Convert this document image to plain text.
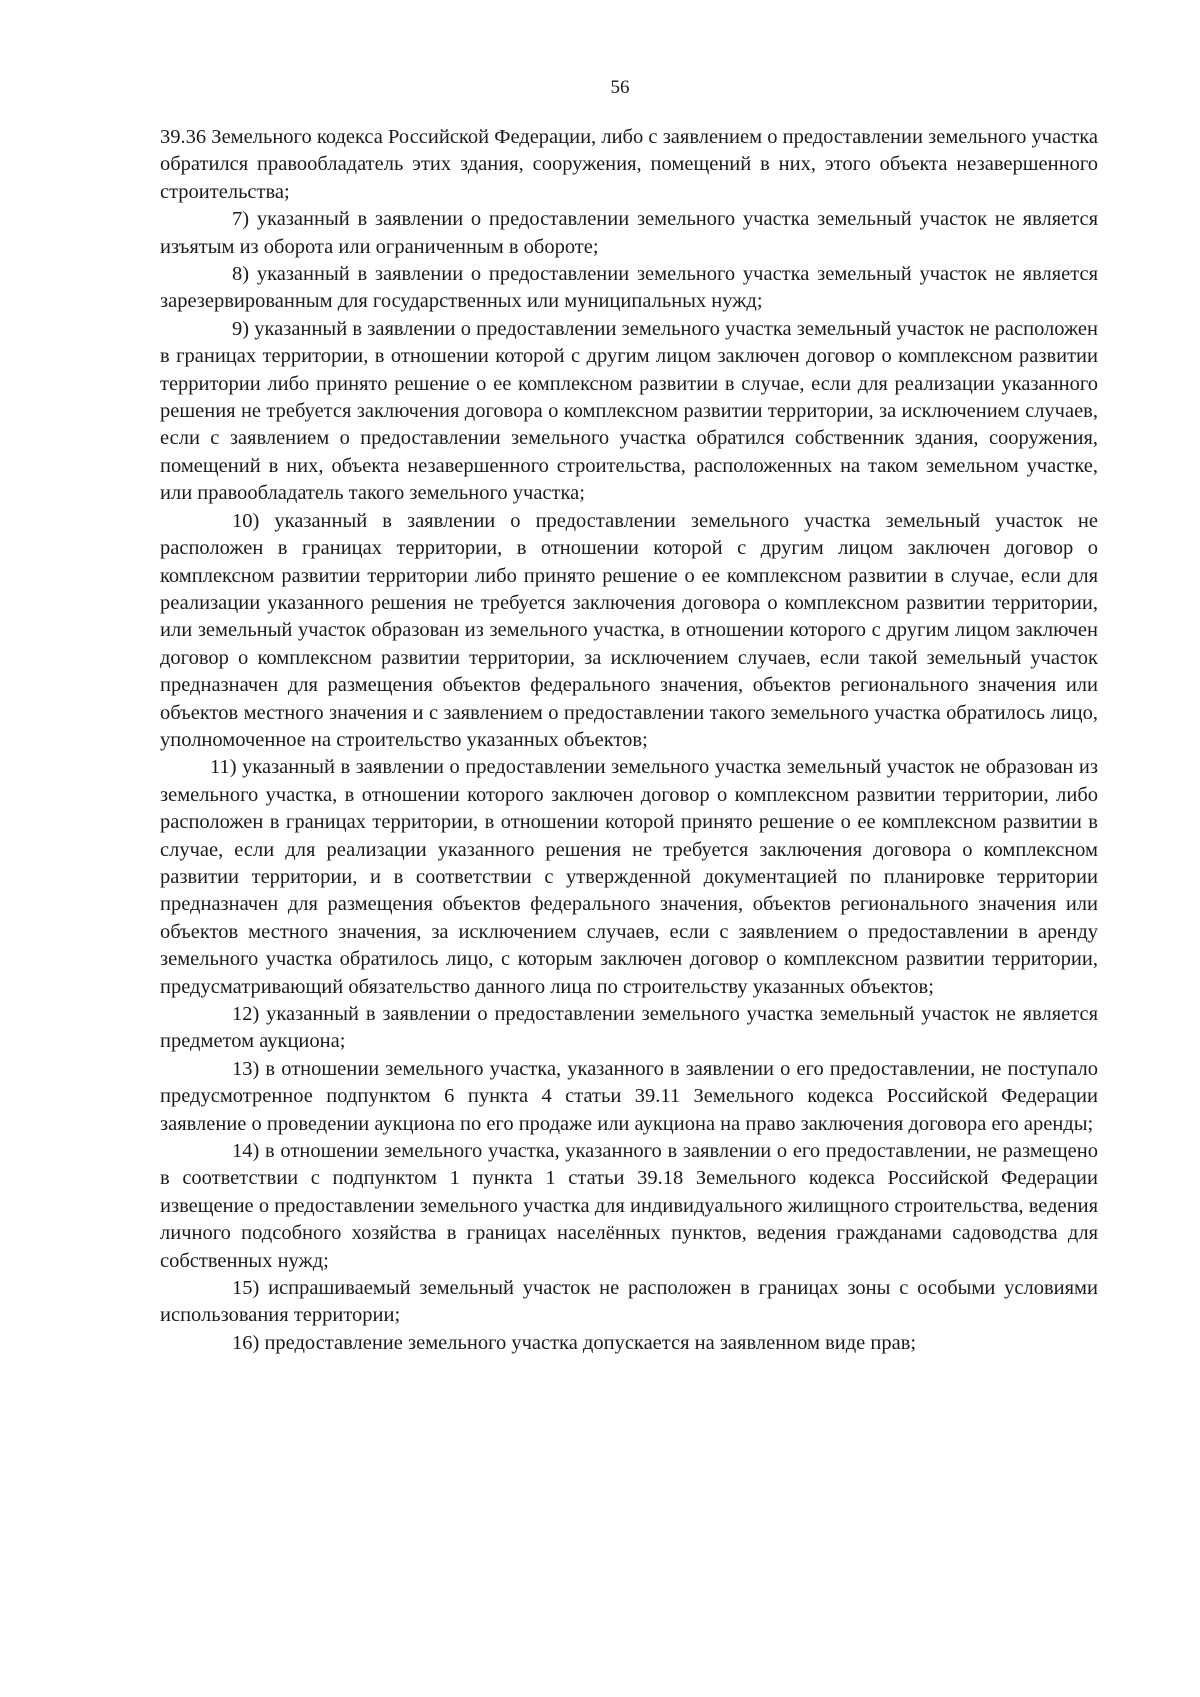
56

39.36 Земельного кодекса Российской Федерации, либо с заявлением о предоставлении земельного участка обратился правообладатель этих здания, сооружения, помещений в них, этого объекта незавершенного строительства;

7) указанный в заявлении о предоставлении земельного участка земельный участок не является изъятым из оборота или ограниченным в обороте;

8) указанный в заявлении о предоставлении земельного участка земельный участок не является зарезервированным для государственных или муниципальных нужд;

9) указанный в заявлении о предоставлении земельного участка земельный участок не расположен в границах территории, в отношении которой с другим лицом заключен договор о комплексном развитии территории либо принято решение о ее комплексном развитии в случае, если для реализации указанного решения не требуется заключения договора о комплексном развитии территории, за исключением случаев, если с заявлением о предоставлении земельного участка обратился собственник здания, сооружения, помещений в них, объекта незавершенного строительства, расположенных на таком земельном участке, или правообладатель такого земельного участка;

10) указанный в заявлении о предоставлении земельного участка земельный участок не расположен в границах территории, в отношении которой с другим лицом заключен договор о комплексном развитии территории либо принято решение о ее комплексном развитии в случае, если для реализации указанного решения не требуется заключения договора о комплексном развитии территории, или земельный участок образован из земельного участка, в отношении которого с другим лицом заключен договор о комплексном развитии территории, за исключением случаев, если такой земельный участок предназначен для размещения объектов федерального значения, объектов регионального значения или объектов местного значения и с заявлением о предоставлении такого земельного участка обратилось лицо, уполномоченное на строительство указанных объектов;

11) указанный в заявлении о предоставлении земельного участка земельный участок не образован из земельного участка, в отношении которого заключен договор о комплексном развитии территории, либо расположен в границах территории, в отношении которой принято решение о ее комплексном развитии в случае, если для реализации указанного решения не требуется заключения договора о комплексном развитии территории, и в соответствии с утвержденной документацией по планировке территории предназначен для размещения объектов федерального значения, объектов регионального значения или объектов местного значения, за исключением случаев, если с заявлением о предоставлении в аренду земельного участка обратилось лицо, с которым заключен договор о комплексном развитии территории, предусматривающий обязательство данного лица по строительству указанных объектов;

12) указанный в заявлении о предоставлении земельного участка земельный участок не является предметом аукциона;

13) в отношении земельного участка, указанного в заявлении о его предоставлении, не поступало предусмотренное подпунктом 6 пункта 4 статьи 39.11 Земельного кодекса Российской Федерации заявление о проведении аукциона по его продаже или аукциона на право заключения договора его аренды;

14) в отношении земельного участка, указанного в заявлении о его предоставлении, не размещено в соответствии с подпунктом 1 пункта 1 статьи 39.18 Земельного кодекса Российской Федерации извещение о предоставлении земельного участка для индивидуального жилищного строительства, ведения личного подсобного хозяйства в границах населённых пунктов, ведения гражданами садоводства для собственных нужд;

15) испрашиваемый земельный участок не расположен в границах зоны с особыми условиями использования территории;

16) предоставление земельного участка допускается на заявленном виде прав;
